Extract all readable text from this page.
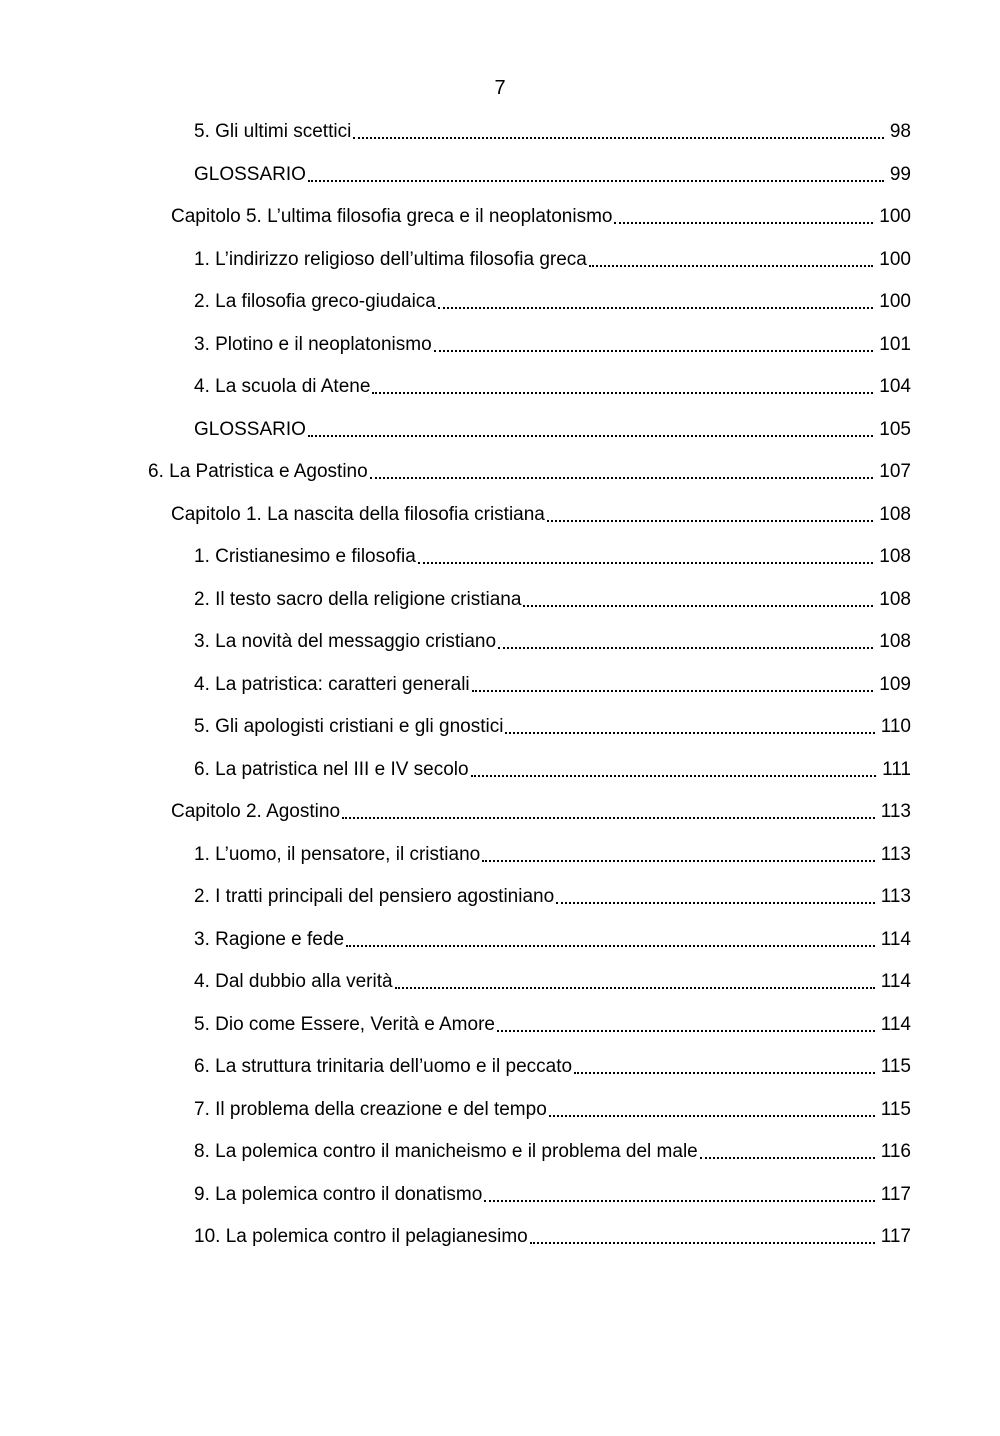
7
5. Gli ultimi scettici	98
GLOSSARIO	99
Capitolo 5. L’ultima filosofia greca e il neoplatonismo	100
1. L’indirizzo religioso dell’ultima filosofia greca	100
2. La filosofia greco-giudaica	100
3. Plotino e il neoplatonismo	101
4. La scuola di Atene	104
GLOSSARIO	105
6. La Patristica e Agostino	107
Capitolo 1. La nascita della filosofia cristiana	108
1. Cristianesimo e filosofia	108
2. Il testo sacro della religione cristiana	108
3. La novità del messaggio cristiano	108
4. La patristica: caratteri generali	109
5. Gli apologisti cristiani e gli gnostici	110
6. La patristica nel III e IV secolo	111
Capitolo 2. Agostino	113
1. L’uomo, il pensatore, il cristiano	113
2. I tratti principali del pensiero agostiniano	113
3. Ragione e fede	114
4. Dal dubbio alla verità	114
5. Dio come Essere, Verità e Amore	114
6. La struttura trinitaria dell’uomo e il peccato	115
7. Il problema della creazione e del tempo	115
8. La polemica contro il manicheismo e il problema del male	116
9. La polemica contro il donatismo	117
10. La polemica contro il pelagianesimo	117
